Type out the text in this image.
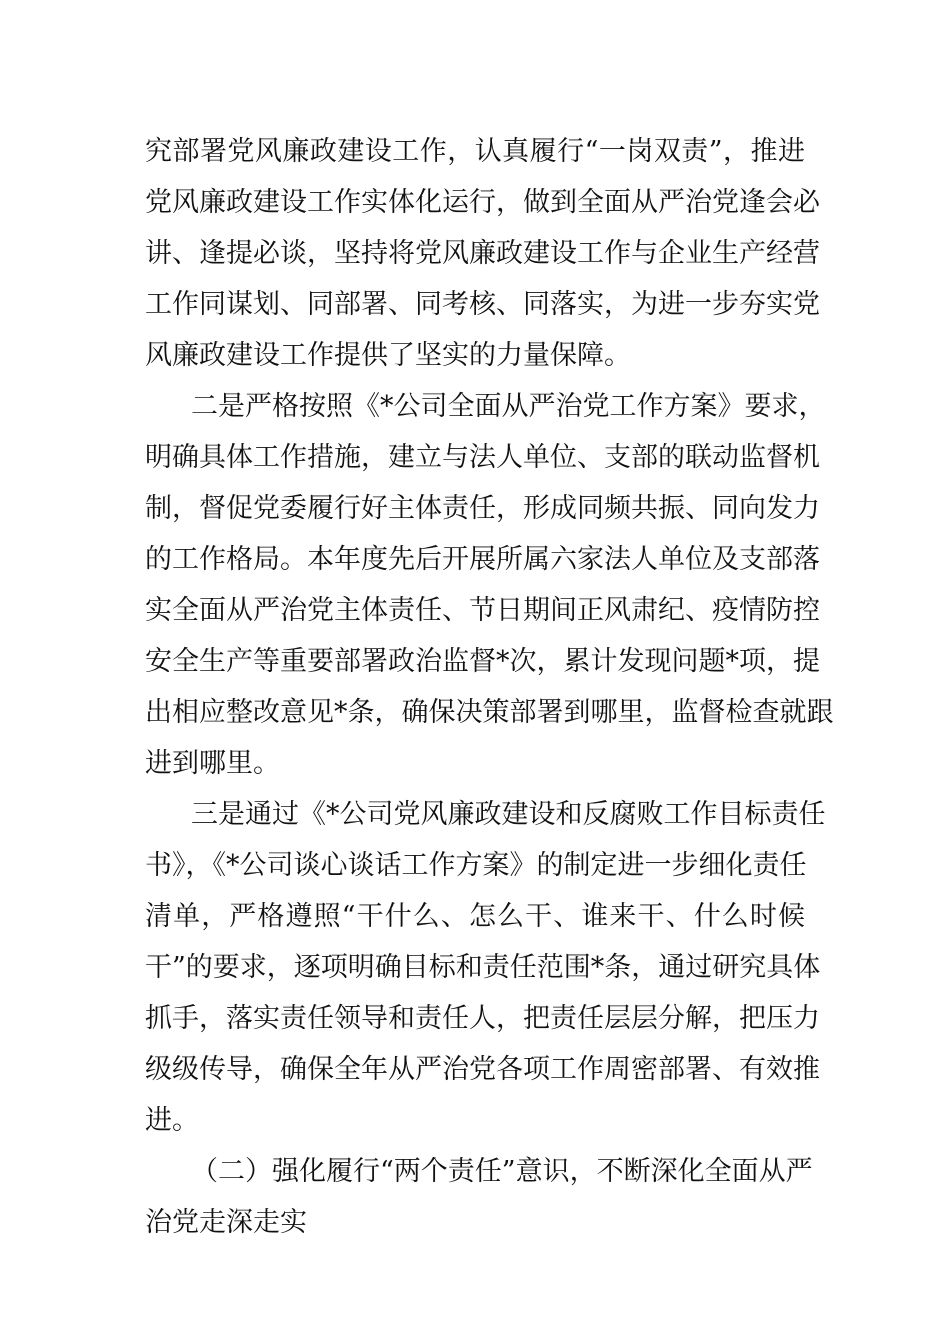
究部署党风廉政建设工作，认真履行“一岗双责”，推进
党风廉政建设工作实体化运行，做到全面从严治党逢会必
讲、逢提必谈，坚持将党风廉政建设工作与企业生产经营
工作同谋划、同部署、同考核、同落实，为进一步夯实党
风廉政建设工作提供了坚实的力量保障。
二是严格按照《*公司全面从严治党工作方案》要求，
明确具体工作措施，建立与法人单位、支部的联动监督机
制，督促党委履行好主体责任，形成同频共振、同向发力
的工作格局。本年度先后开展所属六家法人单位及支部落
实全面从严治党主体责任、节日期间正风肃纪、疫情防控
安全生产等重要部署政治监督*次，累计发现问题*项，提
出相应整改意见*条，确保决策部署到哪里，监督检查就跟
进到哪里。
三是通过《*公司党风廉政建设和反腐败工作目标责任
书》，《*公司谈心谈话工作方案》的制定进一步细化责任
清单，严格遵照“干什么、怎么干、谁来干、什么时候
干”的要求，逐项明确目标和责任范围*条，通过研究具体
抓手，落实责任领导和责任人，把责任层层分解，把压力
级级传导，确保全年从严治党各项工作周密部署、有效推
进。
（二）强化履行“两个责任”意识，不断深化全面从严
治党走深走实
